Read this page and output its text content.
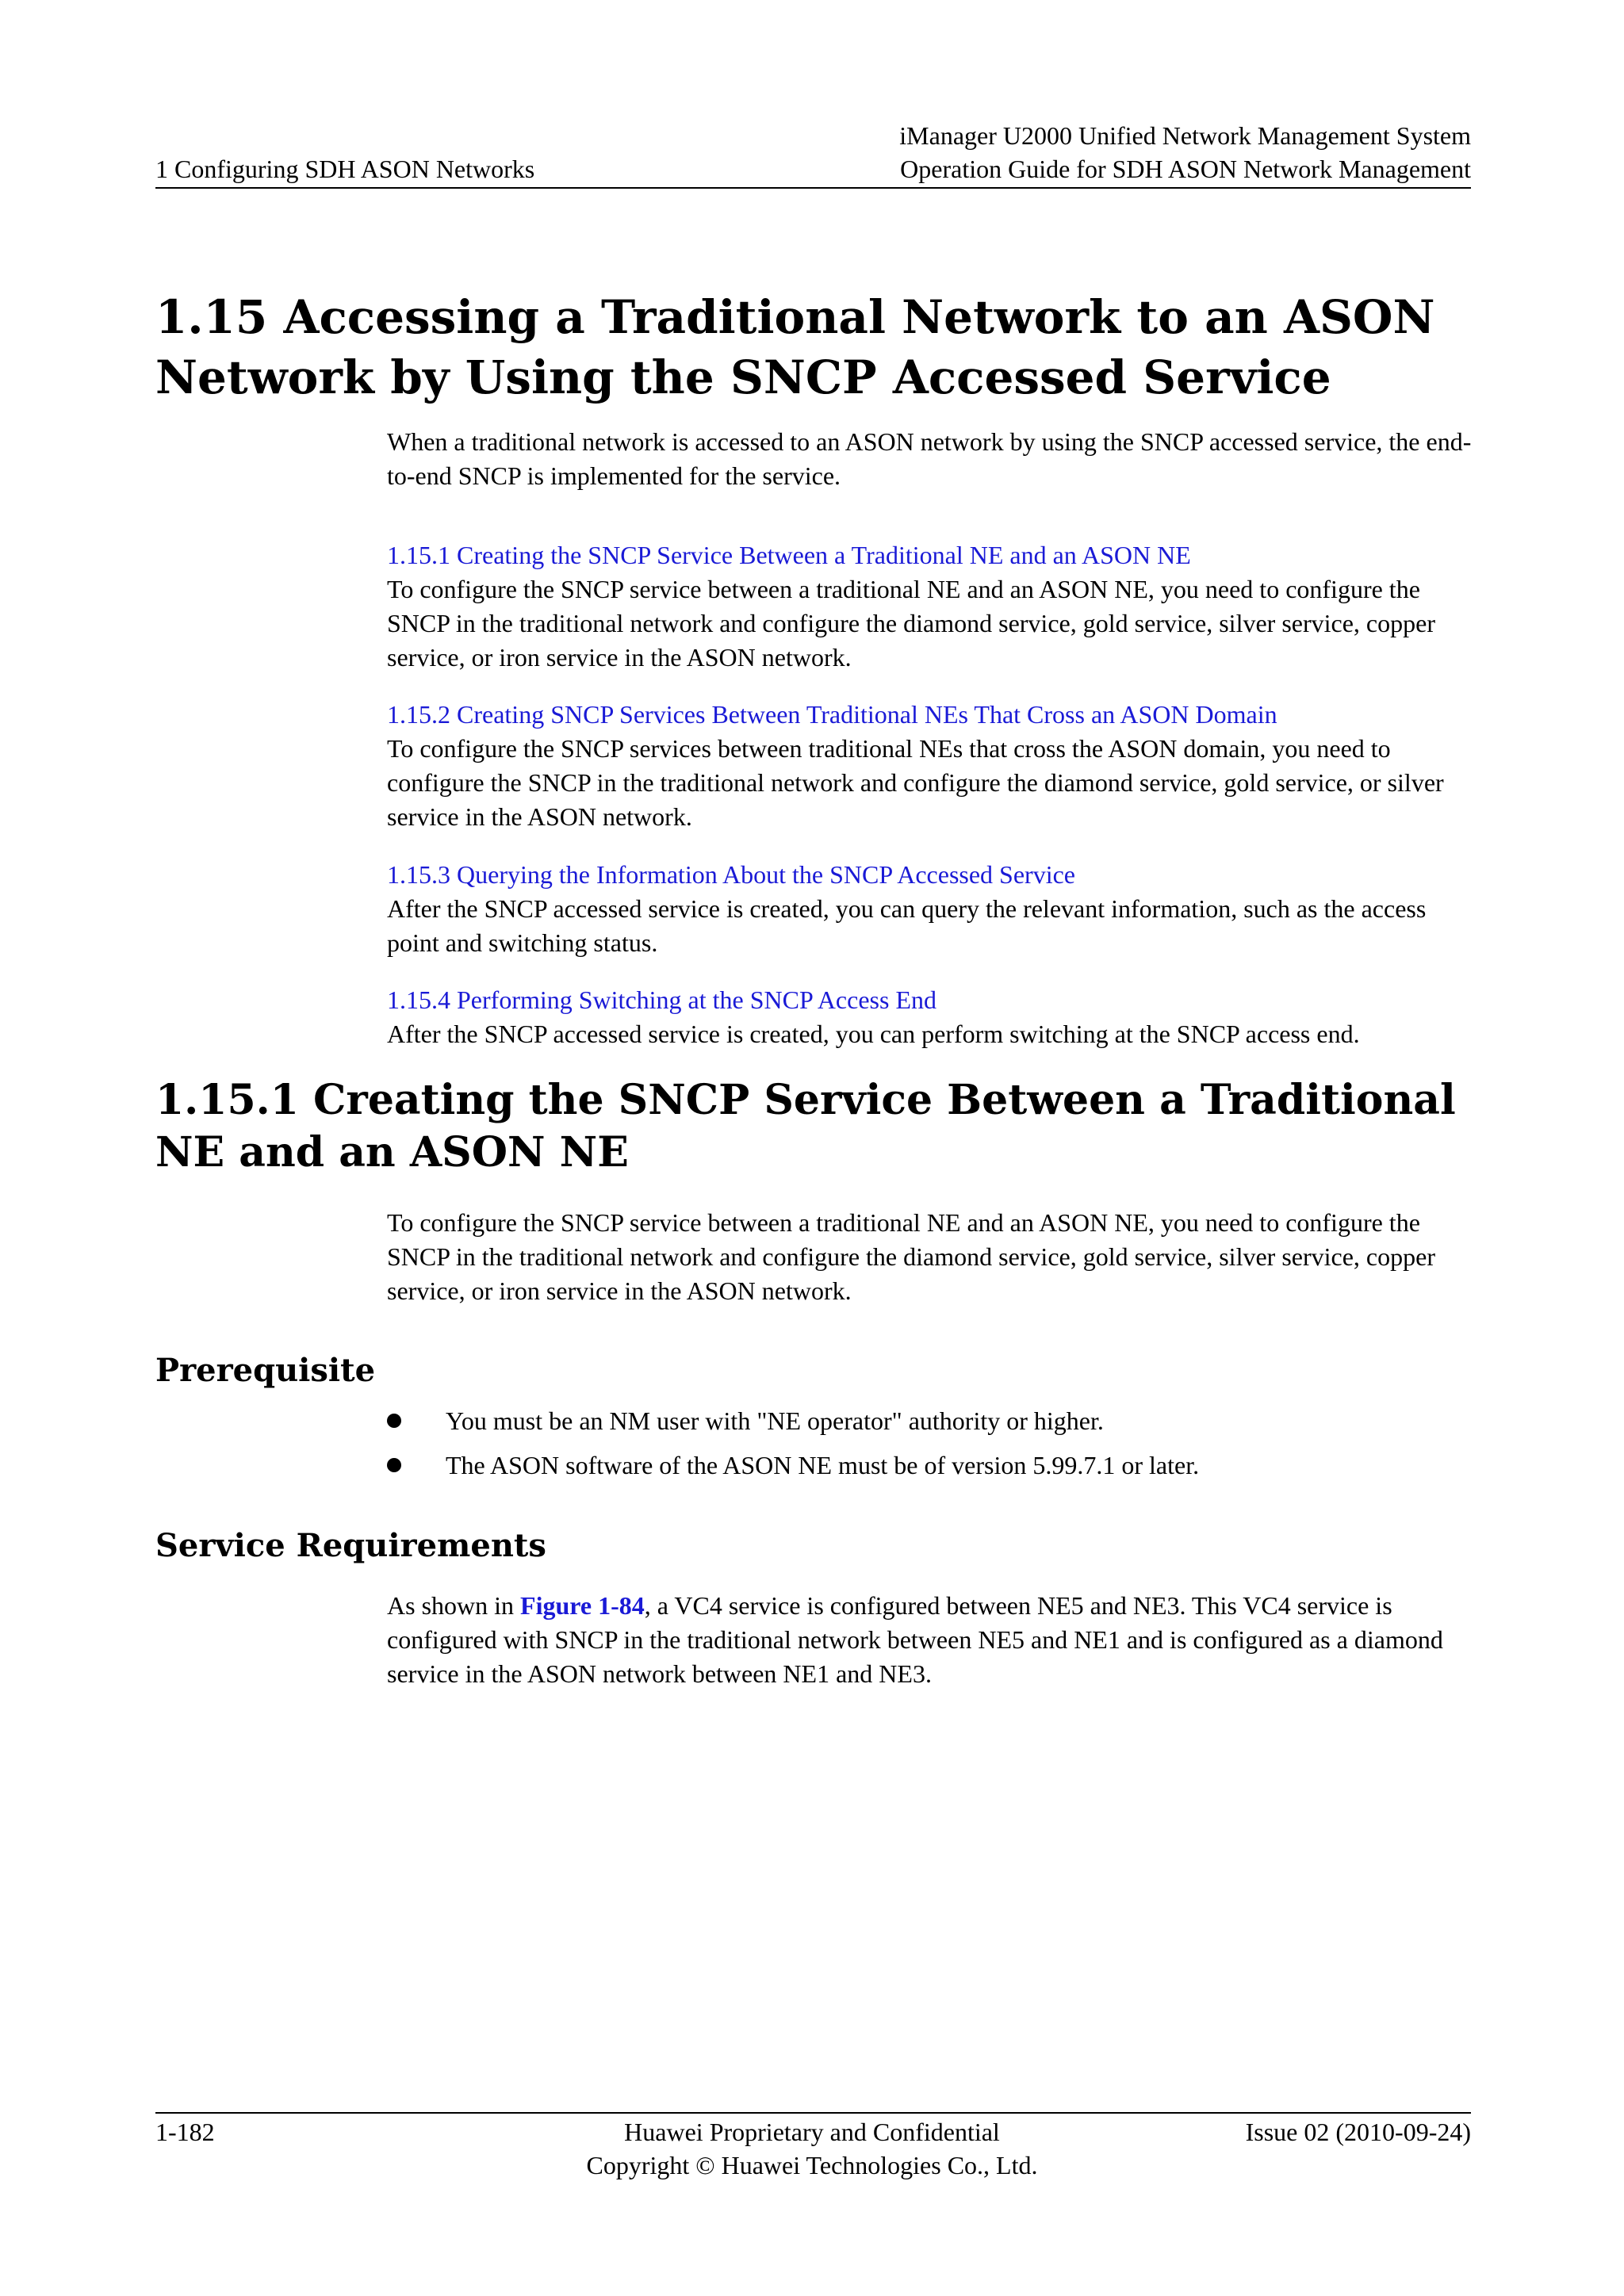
iManager U2000 Unified Network Management System
Operation Guide for SDH ASON Network Management
1 Configuring SDH ASON Networks
1.15 Accessing a Traditional Network to an ASON Network by Using the SNCP Accessed Service

When a traditional network is accessed to an ASON network by using the SNCP accessed service, the end-to-end SNCP is implemented for the service.

1.15.1 Creating the SNCP Service Between a Traditional NE and an ASON NE
To configure the SNCP service between a traditional NE and an ASON NE, you need to configure the SNCP in the traditional network and configure the diamond service, gold service, silver service, copper service, or iron service in the ASON network.
1.15.2 Creating SNCP Services Between Traditional NEs That Cross an ASON Domain
To configure the SNCP services between traditional NEs that cross the ASON domain, you need to configure the SNCP in the traditional network and configure the diamond service, gold service, or silver service in the ASON network.
1.15.3 Querying the Information About the SNCP Accessed Service
After the SNCP accessed service is created, you can query the relevant information, such as the access point and switching status.
1.15.4 Performing Switching at the SNCP Access End
After the SNCP accessed service is created, you can perform switching at the SNCP access end.
1.15.1 Creating the SNCP Service Between a Traditional NE and an ASON NE

To configure the SNCP service between a traditional NE and an ASON NE, you need to configure the SNCP in the traditional network and configure the diamond service, gold service, silver service, copper service, or iron service in the ASON network.

Prerequisite
You must be an NM user with "NE operator" authority or higher.
The ASON software of the ASON NE must be of version 5.99.7.1 or later.
Service Requirements

As shown in Figure 1-84, a VC4 service is configured between NE5 and NE3. This VC4 service is configured with SNCP in the traditional network between NE5 and NE1 and is configured as a diamond service in the ASON network between NE1 and NE3.

1-182	Huawei Proprietary and Confidential
Copyright © Huawei Technologies Co., Ltd.
Issue 02 (2010-09-24)
